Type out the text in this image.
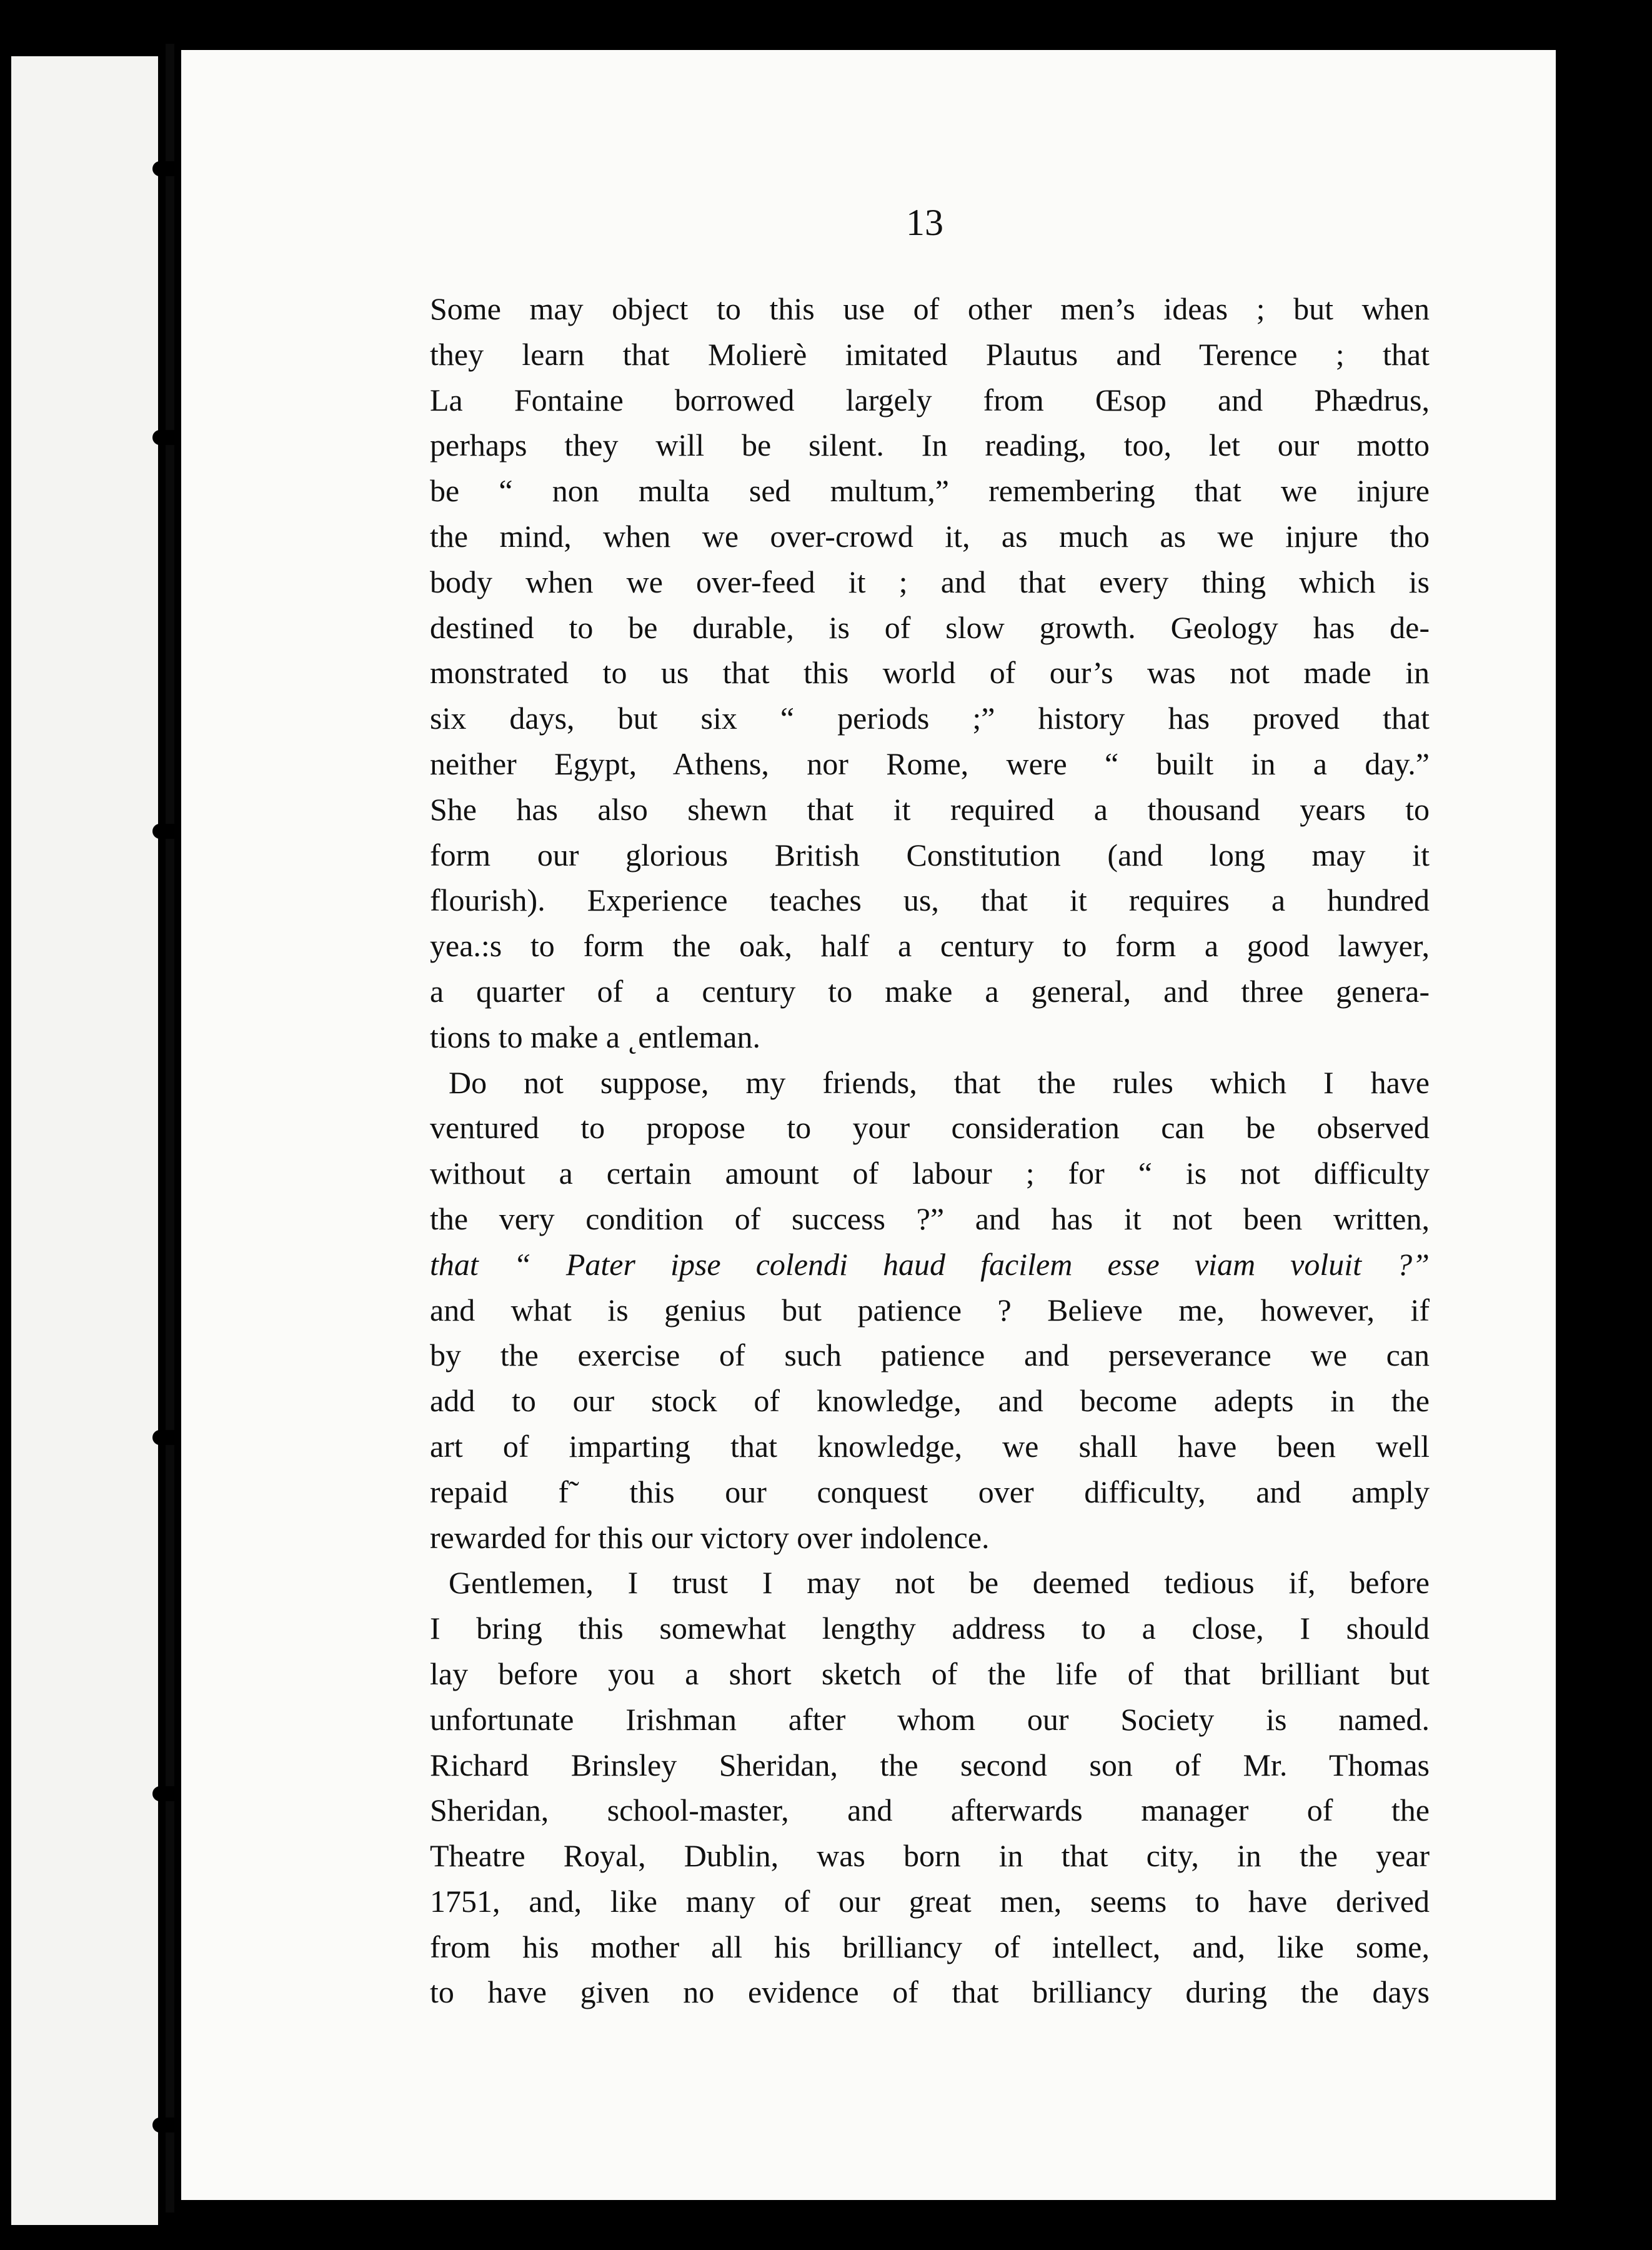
13
Some may object to this use of other men’s ideas ; but when
they learn that Molierè imitated Plautus and Terence ; that
La Fontaine borrowed largely from Œsop and Phædrus,
perhaps they will be silent. In reading, too, let our motto
be “ non multa sed multum,” remembering that we injure
the mind, when we over-crowd it, as much as we injure tho
body when we over-feed it ; and that every thing which is
destined to be durable, is of slow growth. Geology has de-
monstrated to us that this world of our’s was not made in
six days, but six “ periods ;” history has proved that
neither Egypt, Athens, nor Rome, were “ built in a day.”
She has also shewn that it required a thousand years to
form our glorious British Constitution (and long may it
flourish). Experience teaches us, that it requires a hundred
yea.:s to form the oak, half a century to form a good lawyer,
a quarter of a century to make a general, and three genera-
tions to make a ˛entleman.
Do not suppose, my friends, that the rules which I have
ventured to propose to your consideration can be observed
without a certain amount of labour ; for “ is not difficulty
the very condition of success ?” and has it not been written,
that “ Pater ipse colendi haud facilem esse viam voluit ?”
and what is genius but patience ? Believe me, however, if
by the exercise of such patience and perseverance we can
add to our stock of knowledge, and become adepts in the
art of imparting that knowledge, we shall have been well
repaid f˜ this our conquest over difficulty, and amply
rewarded for this our victory over indolence.
Gentlemen, I trust I may not be deemed tedious if, before
I bring this somewhat lengthy address to a close, I should
lay before you a short sketch of the life of that brilliant but
unfortunate Irishman after whom our Society is named.
Richard Brinsley Sheridan, the second son of Mr. Thomas
Sheridan, school-master, and afterwards manager of the
Theatre Royal, Dublin, was born in that city, in the year
1751, and, like many of our great men, seems to have derived
from his mother all his brilliancy of intellect, and, like some,
to have given no evidence of that brilliancy during the days
